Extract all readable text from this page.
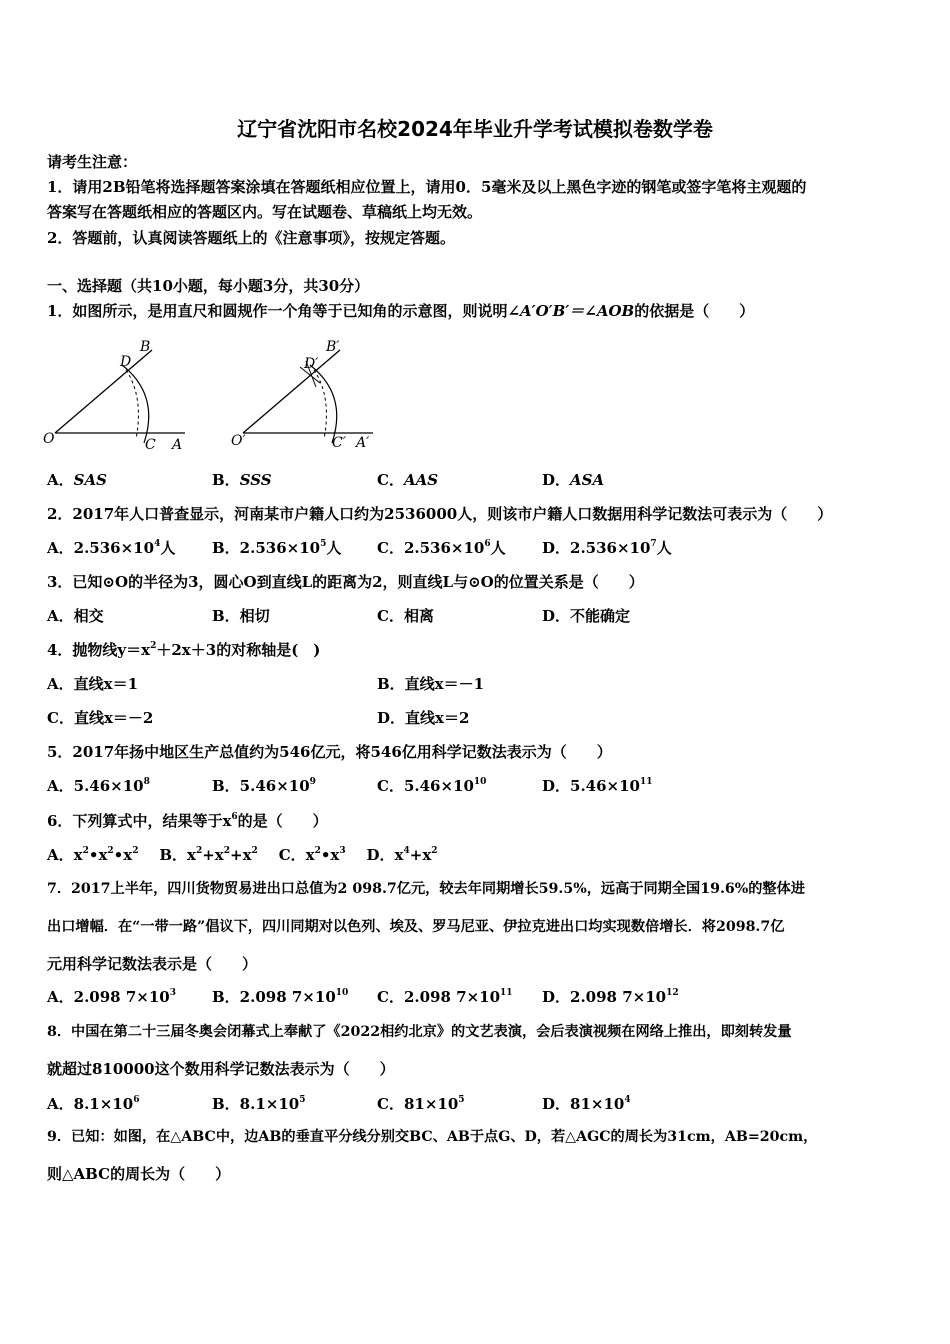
辽宁省沈阳市名校2024年毕业升学考试模拟卷数学卷
请考生注意：
1．请用2B铅笔将选择题答案涂填在答题纸相应位置上，请用0．5毫米及以上黑色字迹的钢笔或签字笔将主观题的
答案写在答题纸相应的答题区内。写在试题卷、草稿纸上均无效。
2．答题前，认真阅读答题纸上的《注意事项》，按规定答题。
一、选择题（共10小题，每小题3分，共30分）
1．如图所示，是用直尺和圆规作一个角等于已知角的示意图，则说明∠A′O′B′＝∠AOB的依据是（　　）
O	A
B
C
D
O′	A′
B′
C′
D′
A．SAS	B．SSS	C．AAS	D．ASA
2．2017年人口普查显示，河南某市户籍人口约为2536000人，则该市户籍人口数据用科学记数法可表示为（　　）
A．$2.536\times 10^4$人 B．$2.536\times 10^5$人 C．$2.536\times 10^6$人 D．$2.536\times 10^7$人
3．已知⊙O的半径为3，圆心O到直线L的距离为2，则直线L与⊙O的位置关系是（　　）
A．相交	B．相切	C．相离	D．不能确定
4．抛物线$y=x^2+2x+3$的对称轴是(　)
A．直线x＝1	B．直线x＝－1
C．直线x＝－2	D．直线x＝2
5．2017年扬中地区生产总值约为546亿元，将546亿用科学记数法表示为（　　）
A．$5.46\times 10^8$	B．$5.46\times 10^9$	C．$5.46\times 10^{10}$	D．$5.46\times 10^{11}$
6．下列算式中，结果等于$x^6$的是（　　）
A．$x^2•x^2•x^2$ B．$x^2+x^2+x^2$ C．$x^2•x^3$ D．$x^4+x^2$
7．2017上半年，四川货物贸易进出口总值为2 098.7亿元，较去年同期增长59.5%，远高于同期全国19.6%的整体进
出口增幅．在“一带一路”倡议下，四川同期对以色列、埃及、罗马尼亚、伊拉克进出口均实现数倍增长．将2098.7亿
元用科学记数法表示是（　　）
A．2.098 $7\times 10^3$ B．2.098 $7\times 10^{10}$ C．2.098 $7\times 10^{11}$ D．2.098 $7\times 10^{12}$
8．中国在第二十三届冬奥会闭幕式上奉献了《2022相约北京》的文艺表演，会后表演视频在网络上推出，即刻转发量
就超过810000这个数用科学记数法表示为（　　）
A．$8.1\times 10^6$	B．$8.1\times 10^5$	C．$81\times 10^5$	D．$81\times 10^4$
9．已知：如图，在△ABC中，边AB的垂直平分线分别交BC、AB于点G、D，若△AGC的周长为31cm，AB=20cm，
则△ABC的周长为（　　）
